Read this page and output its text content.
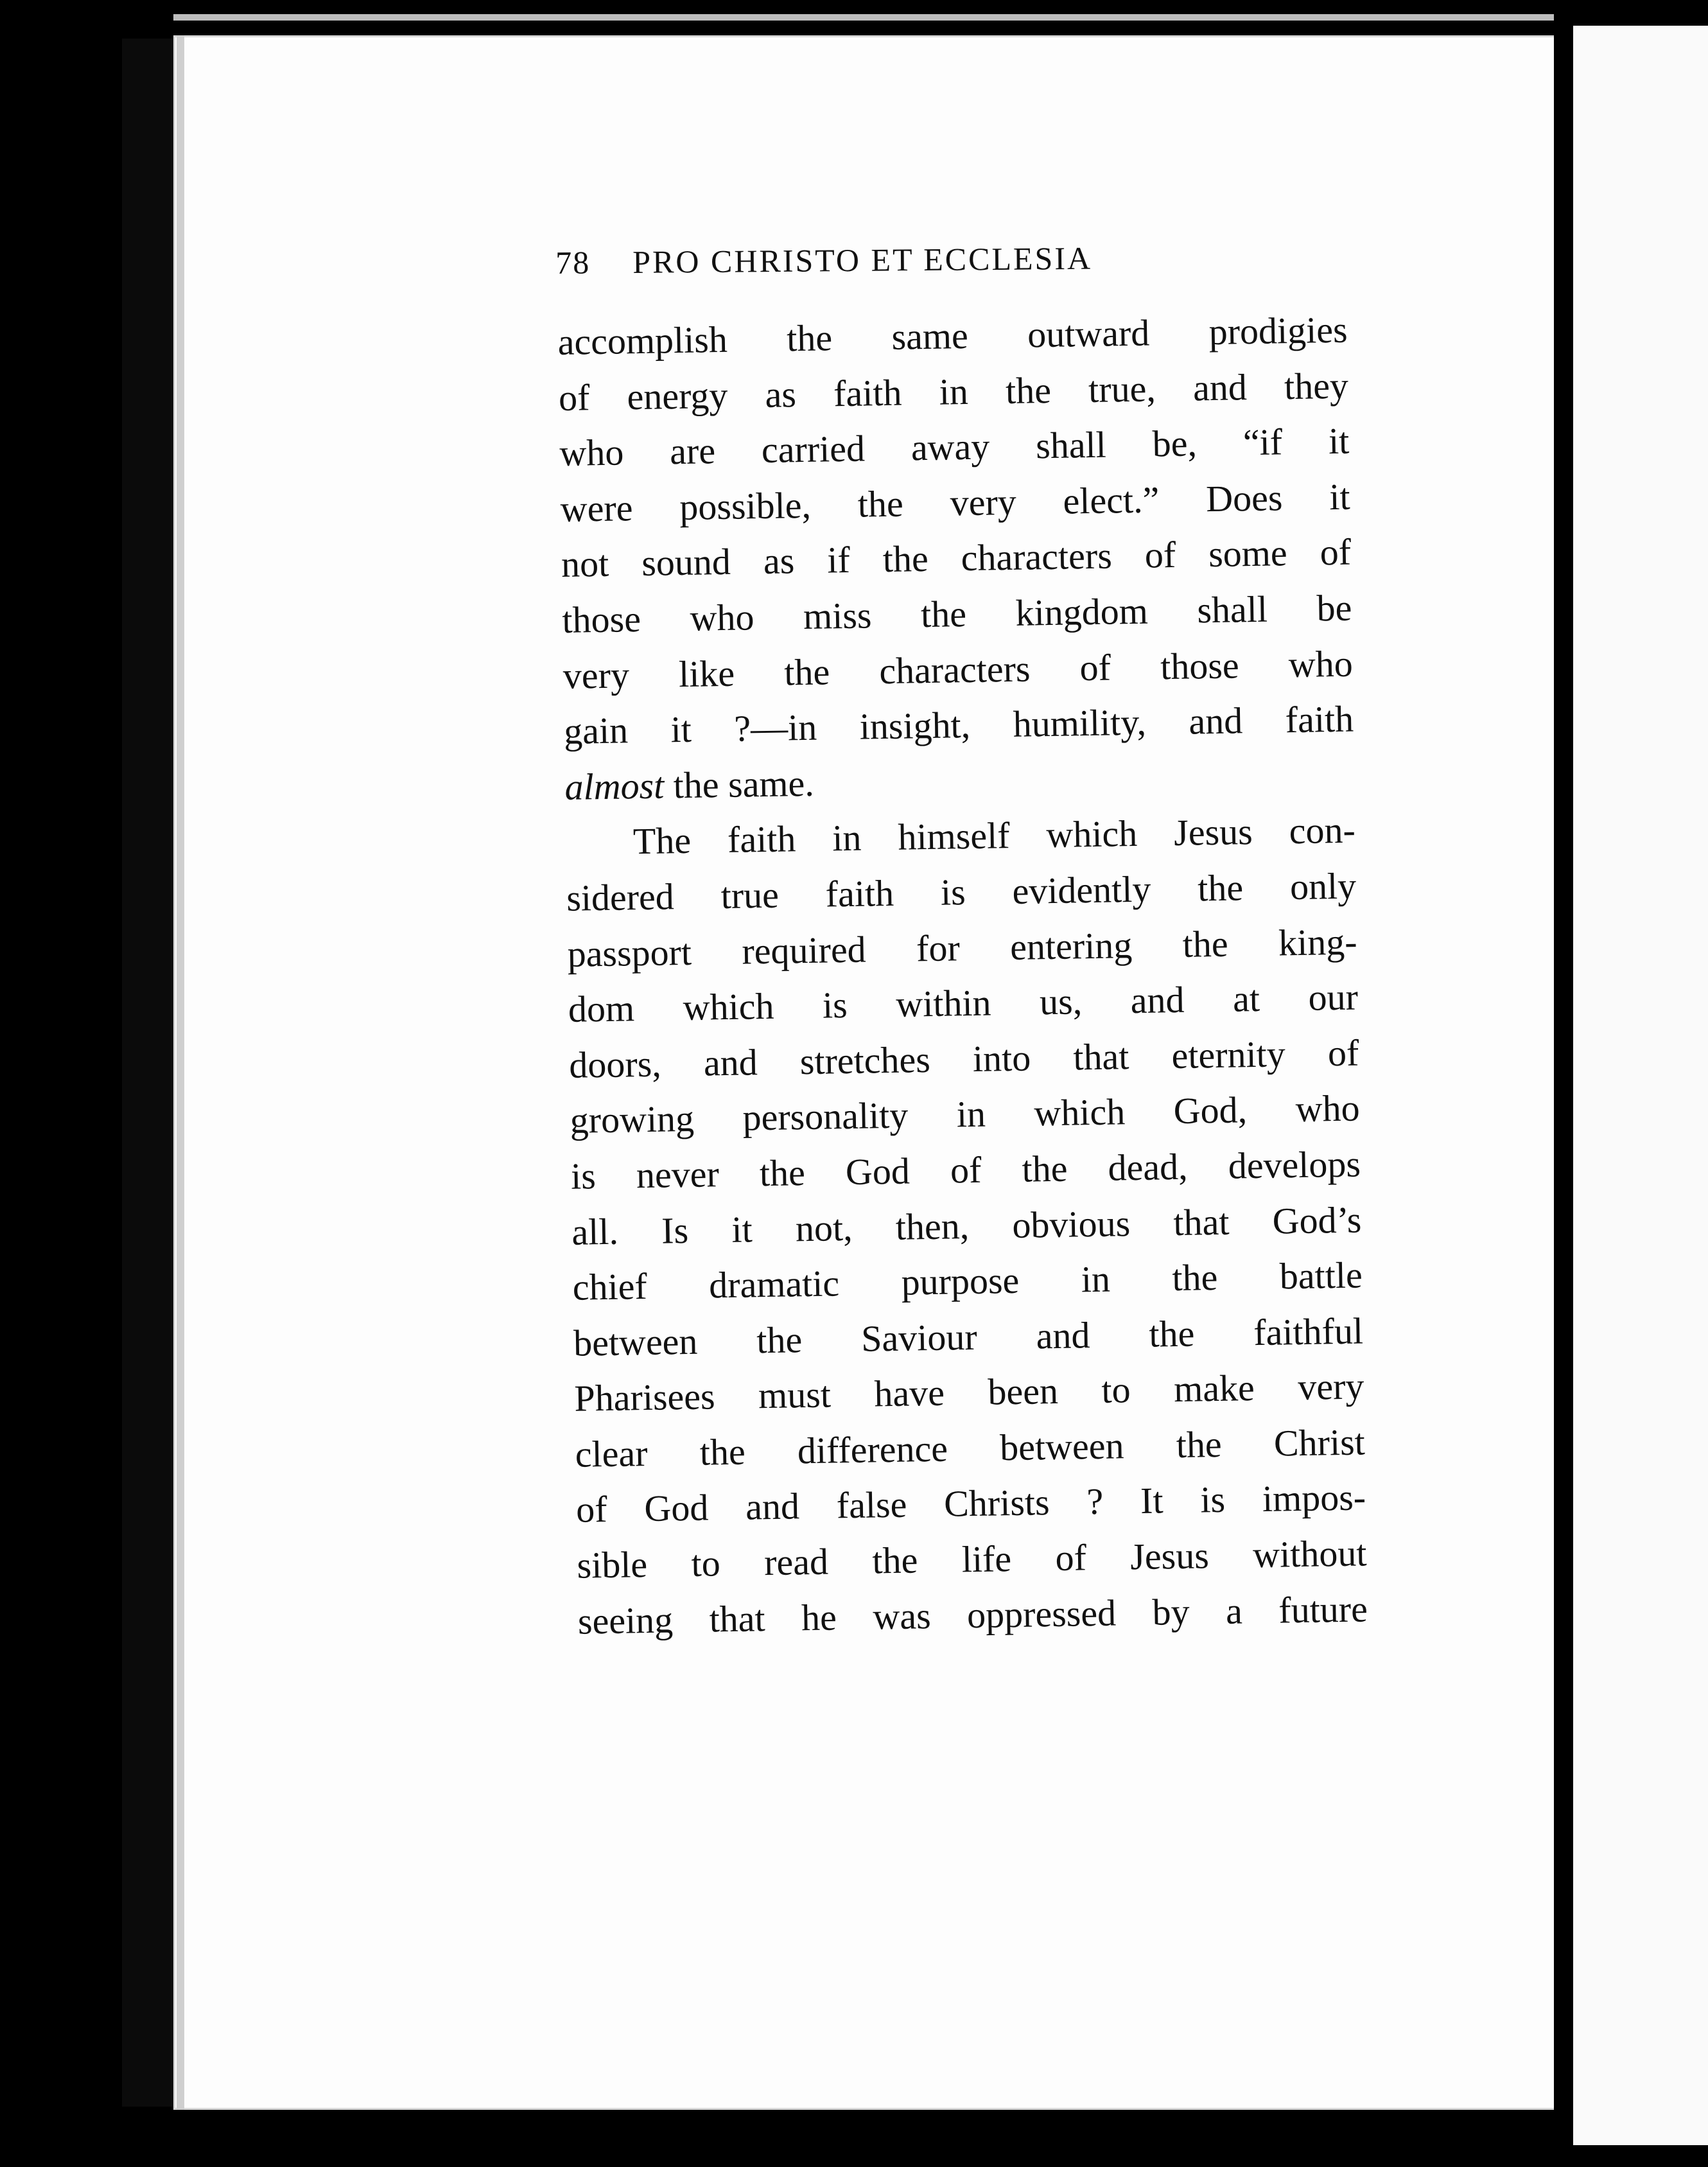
78 PRO CHRISTO ET ECCLESIA
accomplish the same outward prodigies
of energy as faith in the true, and they
who are carried away shall be, “if it
were possible, the very elect.” Does it
not sound as if the characters of some of
those who miss the kingdom shall be
very like the characters of those who
gain it ?—in insight, humility, and faith
almost the same.
The faith in himself which Jesus con-
sidered true faith is evidently the only
passport required for entering the king-
dom which is within us, and at our
doors, and stretches into that eternity of
growing personality in which God, who
is never the God of the dead, develops
all. Is it not, then, obvious that God’s
chief dramatic purpose in the battle
between the Saviour and the faithful
Pharisees must have been to make very
clear the difference between the Christ
of God and false Christs ? It is impos-
sible to read the life of Jesus without
seeing that he was oppressed by a future
